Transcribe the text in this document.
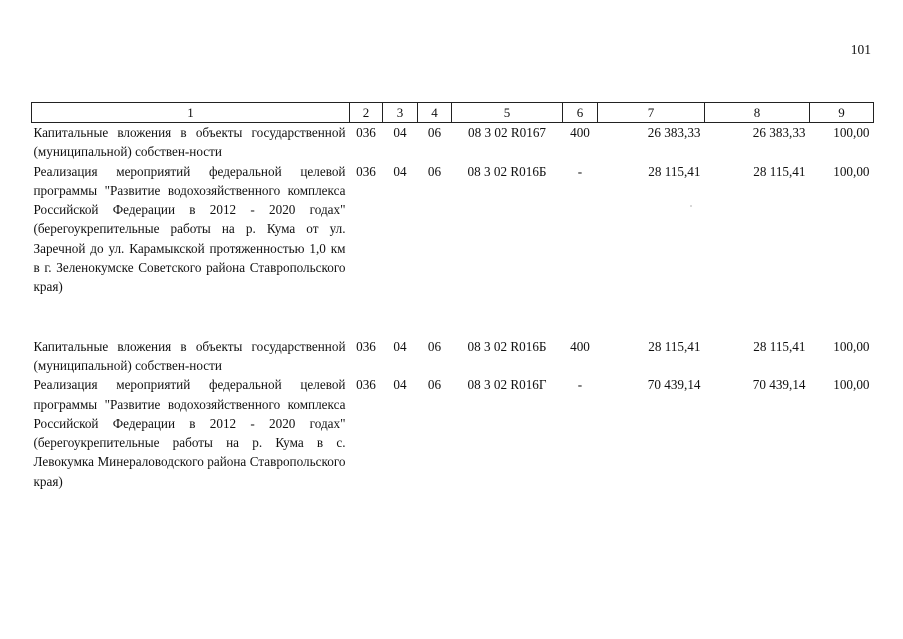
101
1	2	3	4	5	6	7	8	9
Капитальные вложения в объекты государственной (муниципальной) собствен-ности	036	04	06	08 3 02 R0167	400	26 383,33	26 383,33	100,00
Реализация мероприятий федеральной целевой программы "Развитие водохозяйственного комплекса Российской Федерации в 2012 - 2020 годах" (берегоукрепительные работы на р. Кума от ул. Заречной до ул. Карамыкской протяженностью 1,0 км в г. Зеленокумске Советского района Ставропольского края)	036	04	06	08 3 02 R016Б	-	28 115,41	28 115,41	100,00

Капитальные вложения в объекты государственной (муниципальной) собствен-ности	036	04	06	08 3 02 R016Б	400	28 115,41	28 115,41	100,00
Реализация мероприятий федеральной целевой программы "Развитие водохозяйственного комплекса Российской Федерации в 2012 - 2020 годах" (берегоукрепительные работы на р. Кума в с. Левокумка Минераловодского района Ставропольского края)	036	04	06	08 3 02 R016Г	-	70 439,14	70 439,14	100,00
